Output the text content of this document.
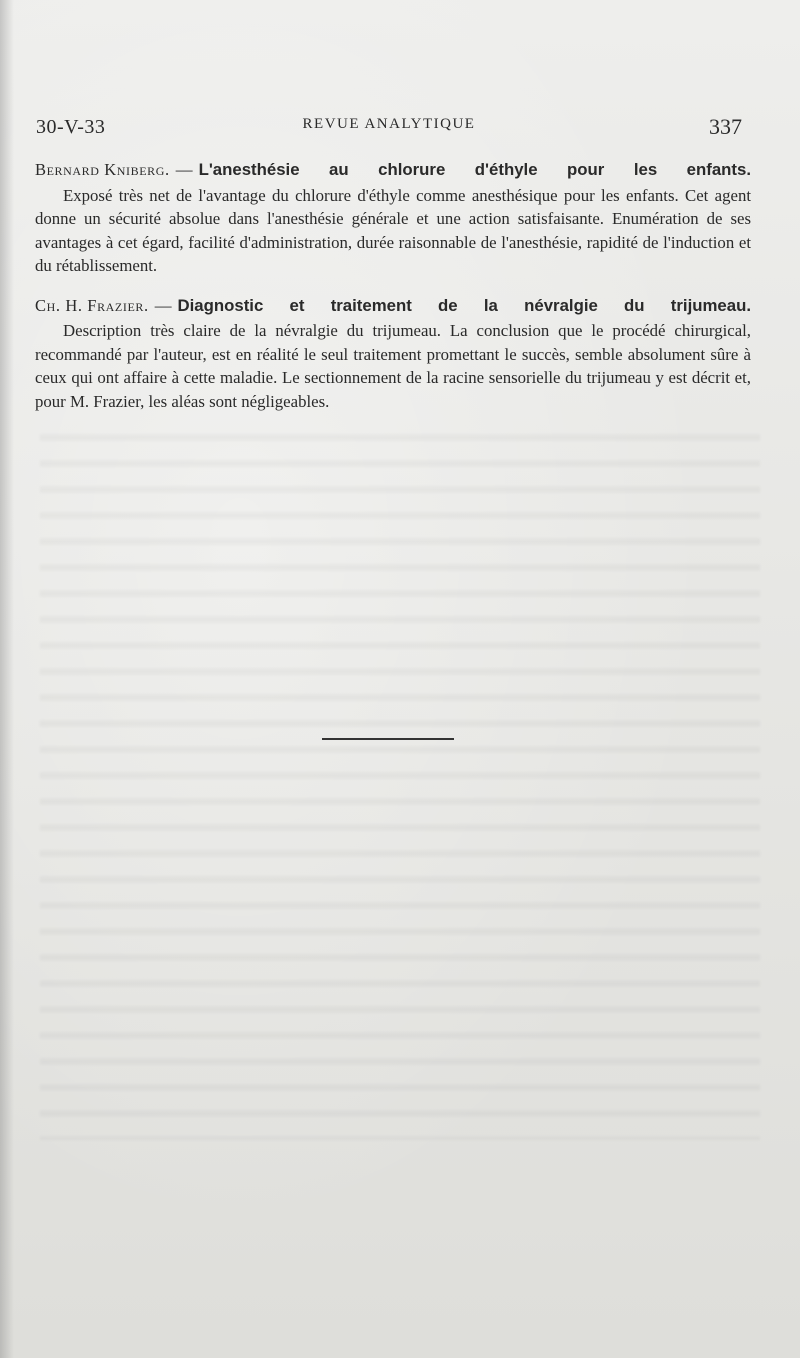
30-V-33	REVUE ANALYTIQUE	337

Bernard Kniberg. — L'anesthésie au chlorure d'éthyle pour les enfants.

Exposé très net de l'avantage du chlorure d'éthyle comme anesthésique pour les enfants. Cet agent donne un sécurité absolue dans l'anesthésie générale et une action satisfaisante. Enumération de ses avantages à cet égard, facilité d'administration, durée raisonnable de l'anesthésie, rapidité de l'induction et du rétablissement.

Ch. H. Frazier. — Diagnostic et traitement de la névralgie du trijumeau.

Description très claire de la névralgie du trijumeau. La conclusion que le procédé chirurgical, recommandé par l'auteur, est en réalité le seul traitement promettant le succès, semble absolument sûre à ceux qui ont affaire à cette maladie. Le sectionnement de la racine sensorielle du trijumeau y est décrit et, pour M. Frazier, les aléas sont négligeables.
